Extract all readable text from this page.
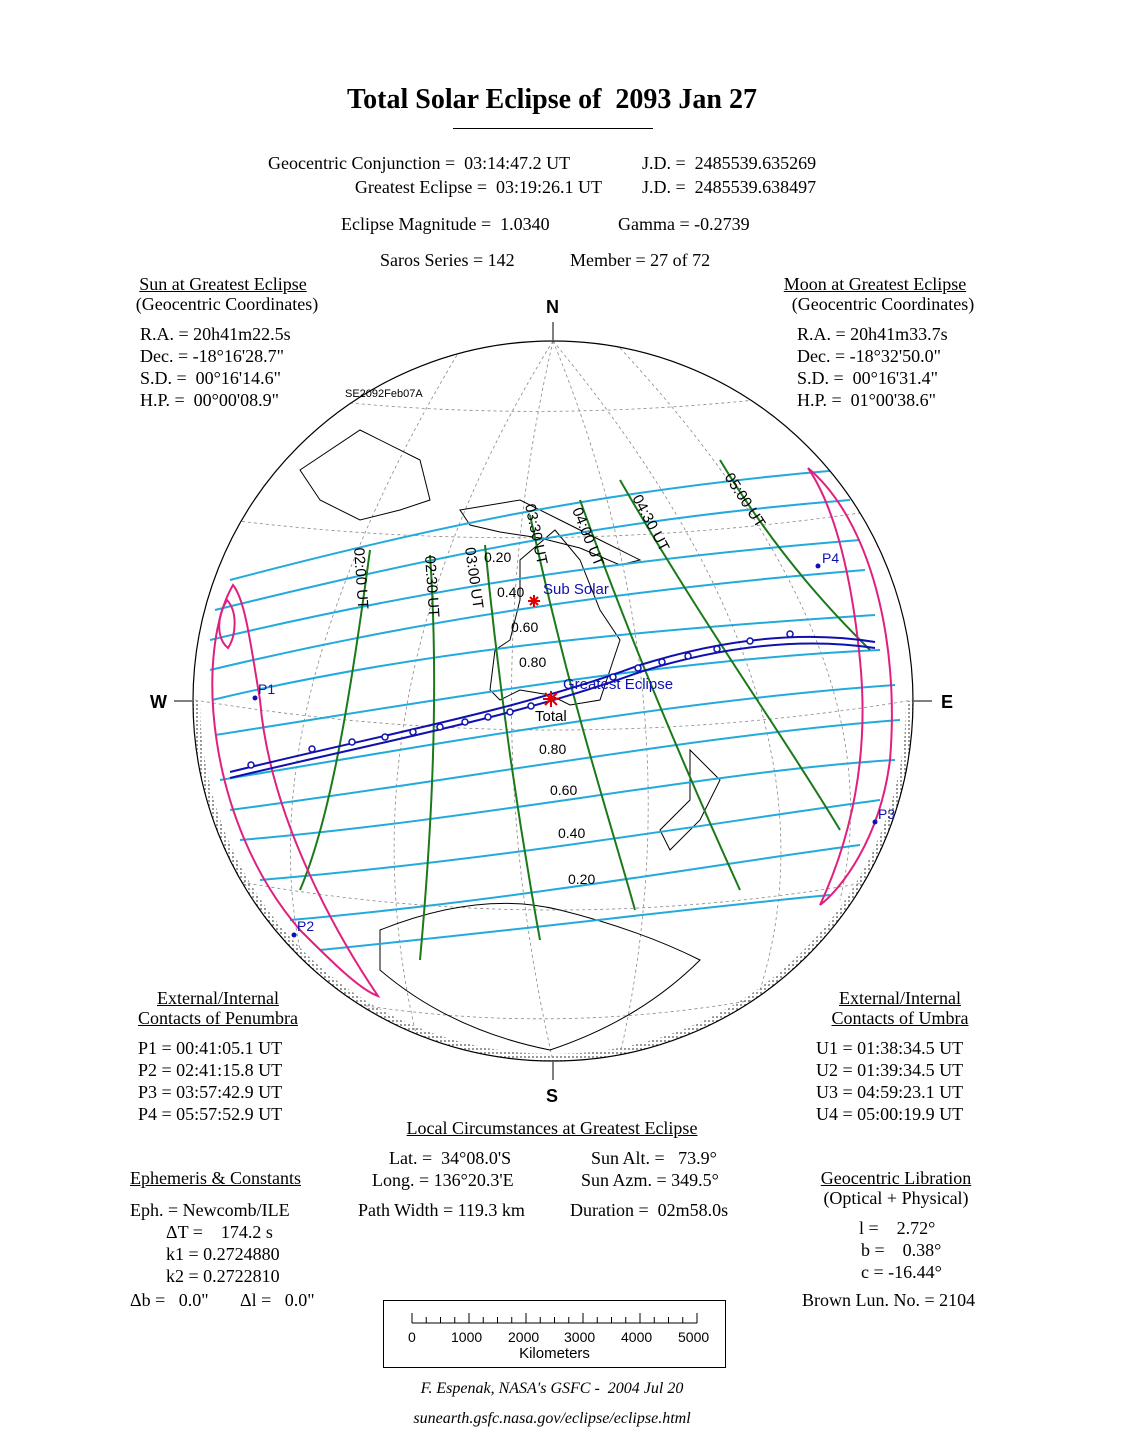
Total Solar Eclipse of  2093 Jan 27
Geocentric Conjunction =  03:14:47.2 UT	J.D. =  2485539.635269
Greatest Eclipse =  03:19:26.1 UT J.D. =  2485539.638497
Eclipse Magnitude =  1.0340	Gamma = -0.2739
Saros Series = 142	Member = 27 of 72
Sun at Greatest Eclipse
(Geocentric Coordinates)
R.A. = 20h41m22.5s
Dec. = -18°16'28.7"
S.D. =  00°16'14.6"
H.P. =  00°00'08.9"
Moon at Greatest Eclipse
(Geocentric Coordinates)
R.A. = 20h41m33.7s
Dec. = -18°32'50.0"
S.D. =  00°16'31.4"
H.P. =  01°00'38.6"
P1
P2
P3
P4
02:00 UT	02:30 UT 03:00 UT
03:30 UT 04:00 UT 04:30 UT	05:00 UT
0.20
0.40
0.60
0.80
0.80
0.60
0.40
0.20
Sub Solar
Greatest Eclipse
Total
SE2092Feb07A
N
S
W	E
External/Internal
Contacts of Penumbra
P1 = 00:41:05.1 UT
P2 = 02:41:15.8 UT
P3 = 03:57:42.9 UT
P4 = 05:57:52.9 UT
External/Internal
Contacts of Umbra
U1 = 01:38:34.5 UT
U2 = 01:39:34.5 UT
U3 = 04:59:23.1 UT
U4 = 05:00:19.9 UT
Local Circumstances at Greatest Eclipse
Lat. =  34°08.0'S
Long. = 136°20.3'E
Sun Alt. =   73.9°
Sun Azm. = 349.5°
Path Width = 119.3 km	Duration =  02m58.0s
Ephemeris & Constants
Eph. = Newcomb/ILE
ΔT =    174.2 s
k1 = 0.2724880
k2 = 0.2722810
Δb =   0.0" Δl =   0.0"
Geocentric Libration
(Optical + Physical)
l =    2.72°
b =    0.38°
c = -16.44°
Brown Lun. No. = 2104
0	1000 2000 3000 4000 5000
Kilometers
F. Espenak, NASA's GSFC -  2004 Jul 20
sunearth.gsfc.nasa.gov/eclipse/eclipse.html
